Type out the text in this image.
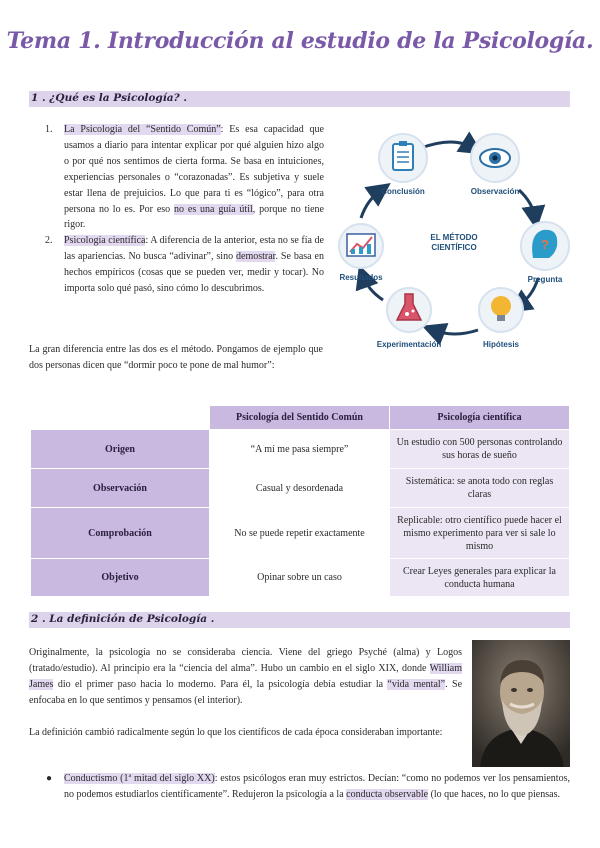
Tema 1. Introducción al estudio de la Psicología.
1 . ¿Qué es la Psicología? .
1. La Psicología del “Sentido Común”: Es esa capacidad que usamos a diario para intentar explicar por qué alguien hizo algo o por qué nos sentimos de cierta forma. Se basa en intuiciones, experiencias personales o “corazonadas”. Es subjetiva y suele estar llena de prejuicios. Lo que para ti es “lógico”, para otra persona no lo es. Por eso no es una guía útil, porque no tiene rigor.
2. Psicología científica: A diferencia de la anterior, esta no se fía de las apariencias. No busca “adivinar”, sino demostrar. Se basa en hechos empíricos (cosas que se pueden ver, medir y tocar). No importa solo qué pasó, sino cómo lo descubrimos.
La gran diferencia entre las dos es el método. Pongamos de ejemplo que dos personas dicen que “dormir poco te pone de mal humor”:
Conclusión	Observación
?
Pregunta
Hipótesis
Experimentación
Resultados
EL MÉTODO
CIENTÍFICO
	Psicología del Sentido Común	Psicología científica
Origen	“A mí me pasa siempre”	Un estudio con 500 personas controlando sus horas de sueño
Observación	Casual y desordenada	Sistemática: se anota todo con reglas claras
Comprobación	No se puede repetir exactamente	Replicable: otro científico puede hacer el mismo experimento para ver si sale lo mismo
Objetivo	Opinar sobre un caso	Crear Leyes generales para explicar la conducta humana
2 . La definición de Psicología .
Originalmente, la psicología no se consideraba ciencia. Viene del griego Psyché (alma) y Logos (tratado/estudio). Al principio era la “ciencia del alma”. Hubo un cambio en el siglo XIX, donde William James dio el primer paso hacia lo moderno. Para él, la psicología debía estudiar la “vida mental”. Se enfocaba en lo que sentimos y pensamos (el interior).
La definición cambió radicalmente según lo que los científicos de cada época consideraban importante:
● Conductismo (1ª mitad del siglo XX): estos psicólogos eran muy estrictos. Decían: “como no podemos ver los pensamientos, no podemos estudiarlos científicamente”. Redujeron la psicología a la conducta observable (lo que haces, no lo que piensas.
